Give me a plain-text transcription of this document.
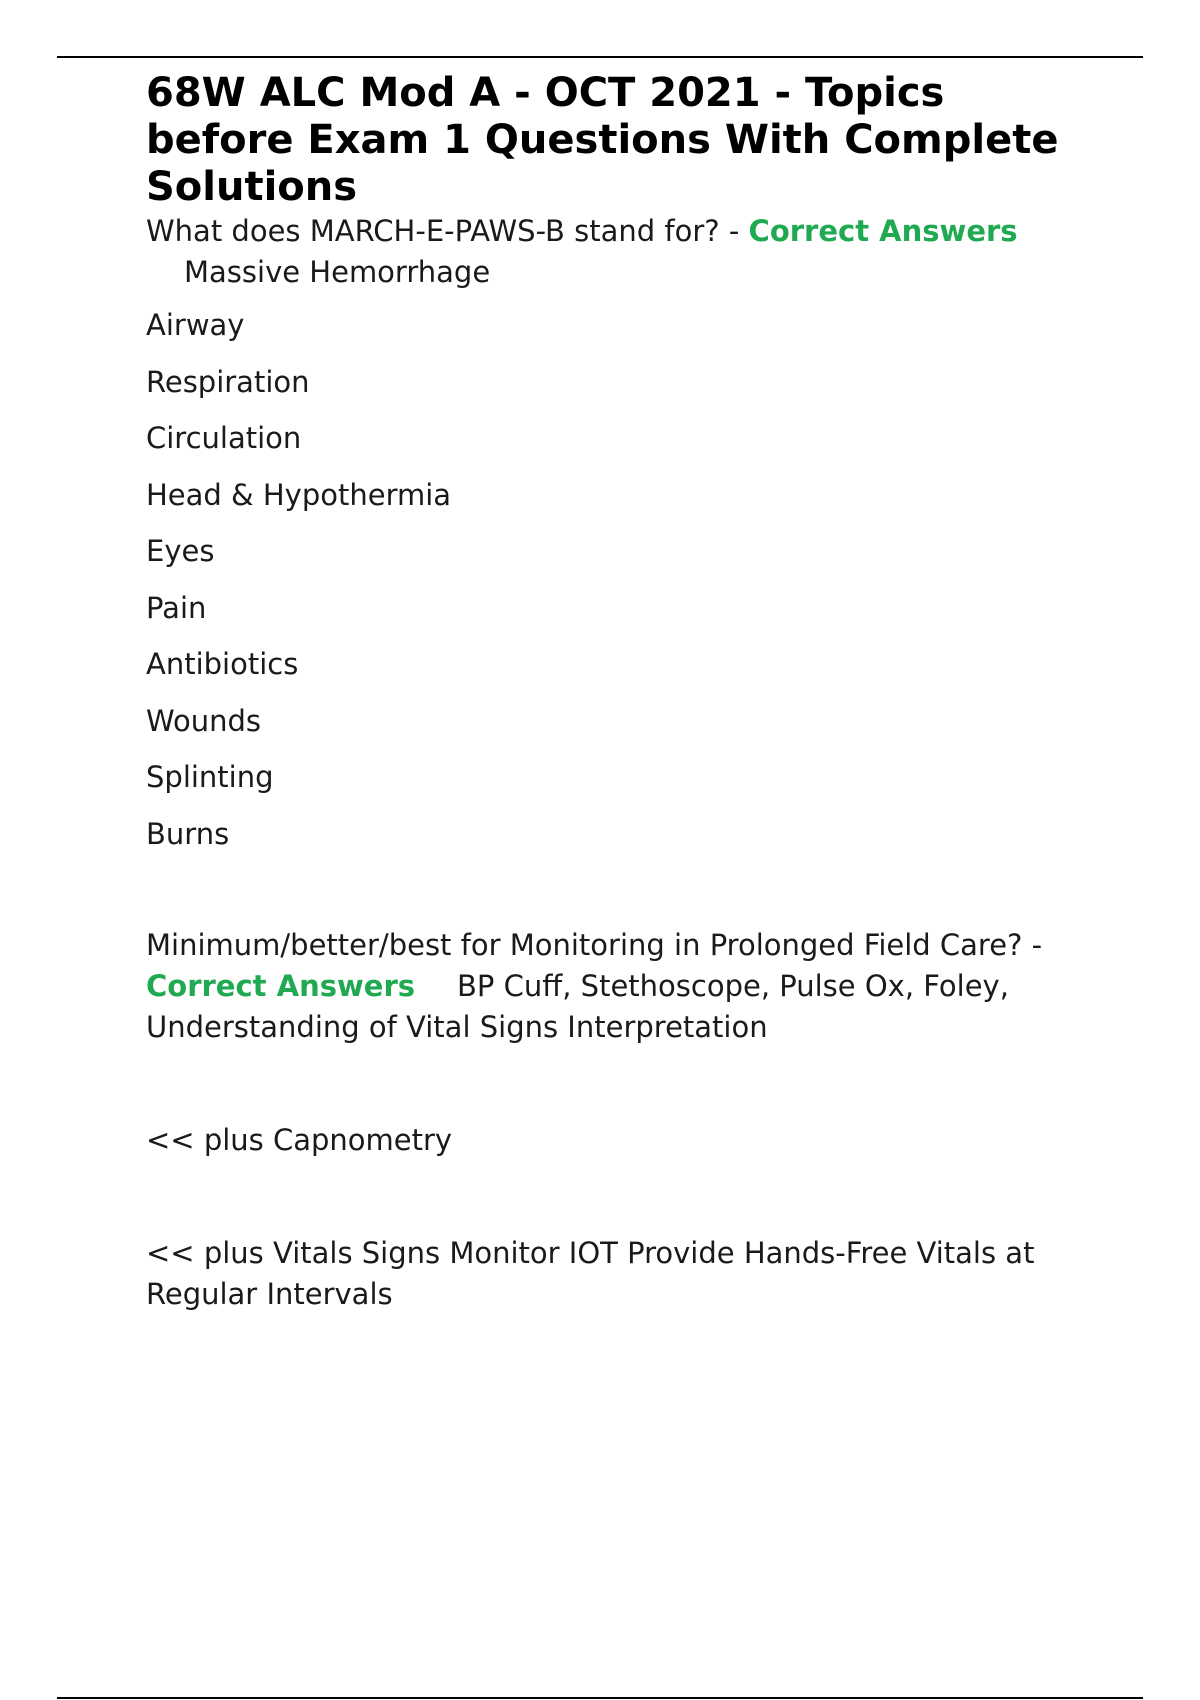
68W ALC Mod A - OCT 2021 - Topics before Exam 1 Questions With Complete Solutions

What does MARCH-E-PAWS-B stand for? - Correct Answers
Massive Hemorrhage

Airway
Respiration
Circulation
Head & Hypothermia
Eyes
Pain
Antibiotics
Wounds
Splinting
Burns

Minimum/better/best for Monitoring in Prolonged Field Care? - Correct Answers BP Cuff, Stethoscope, Pulse Ox, Foley, Understanding of Vital Signs Interpretation

<< plus Capnometry

<< plus Vitals Signs Monitor IOT Provide Hands-Free Vitals at Regular Intervals
